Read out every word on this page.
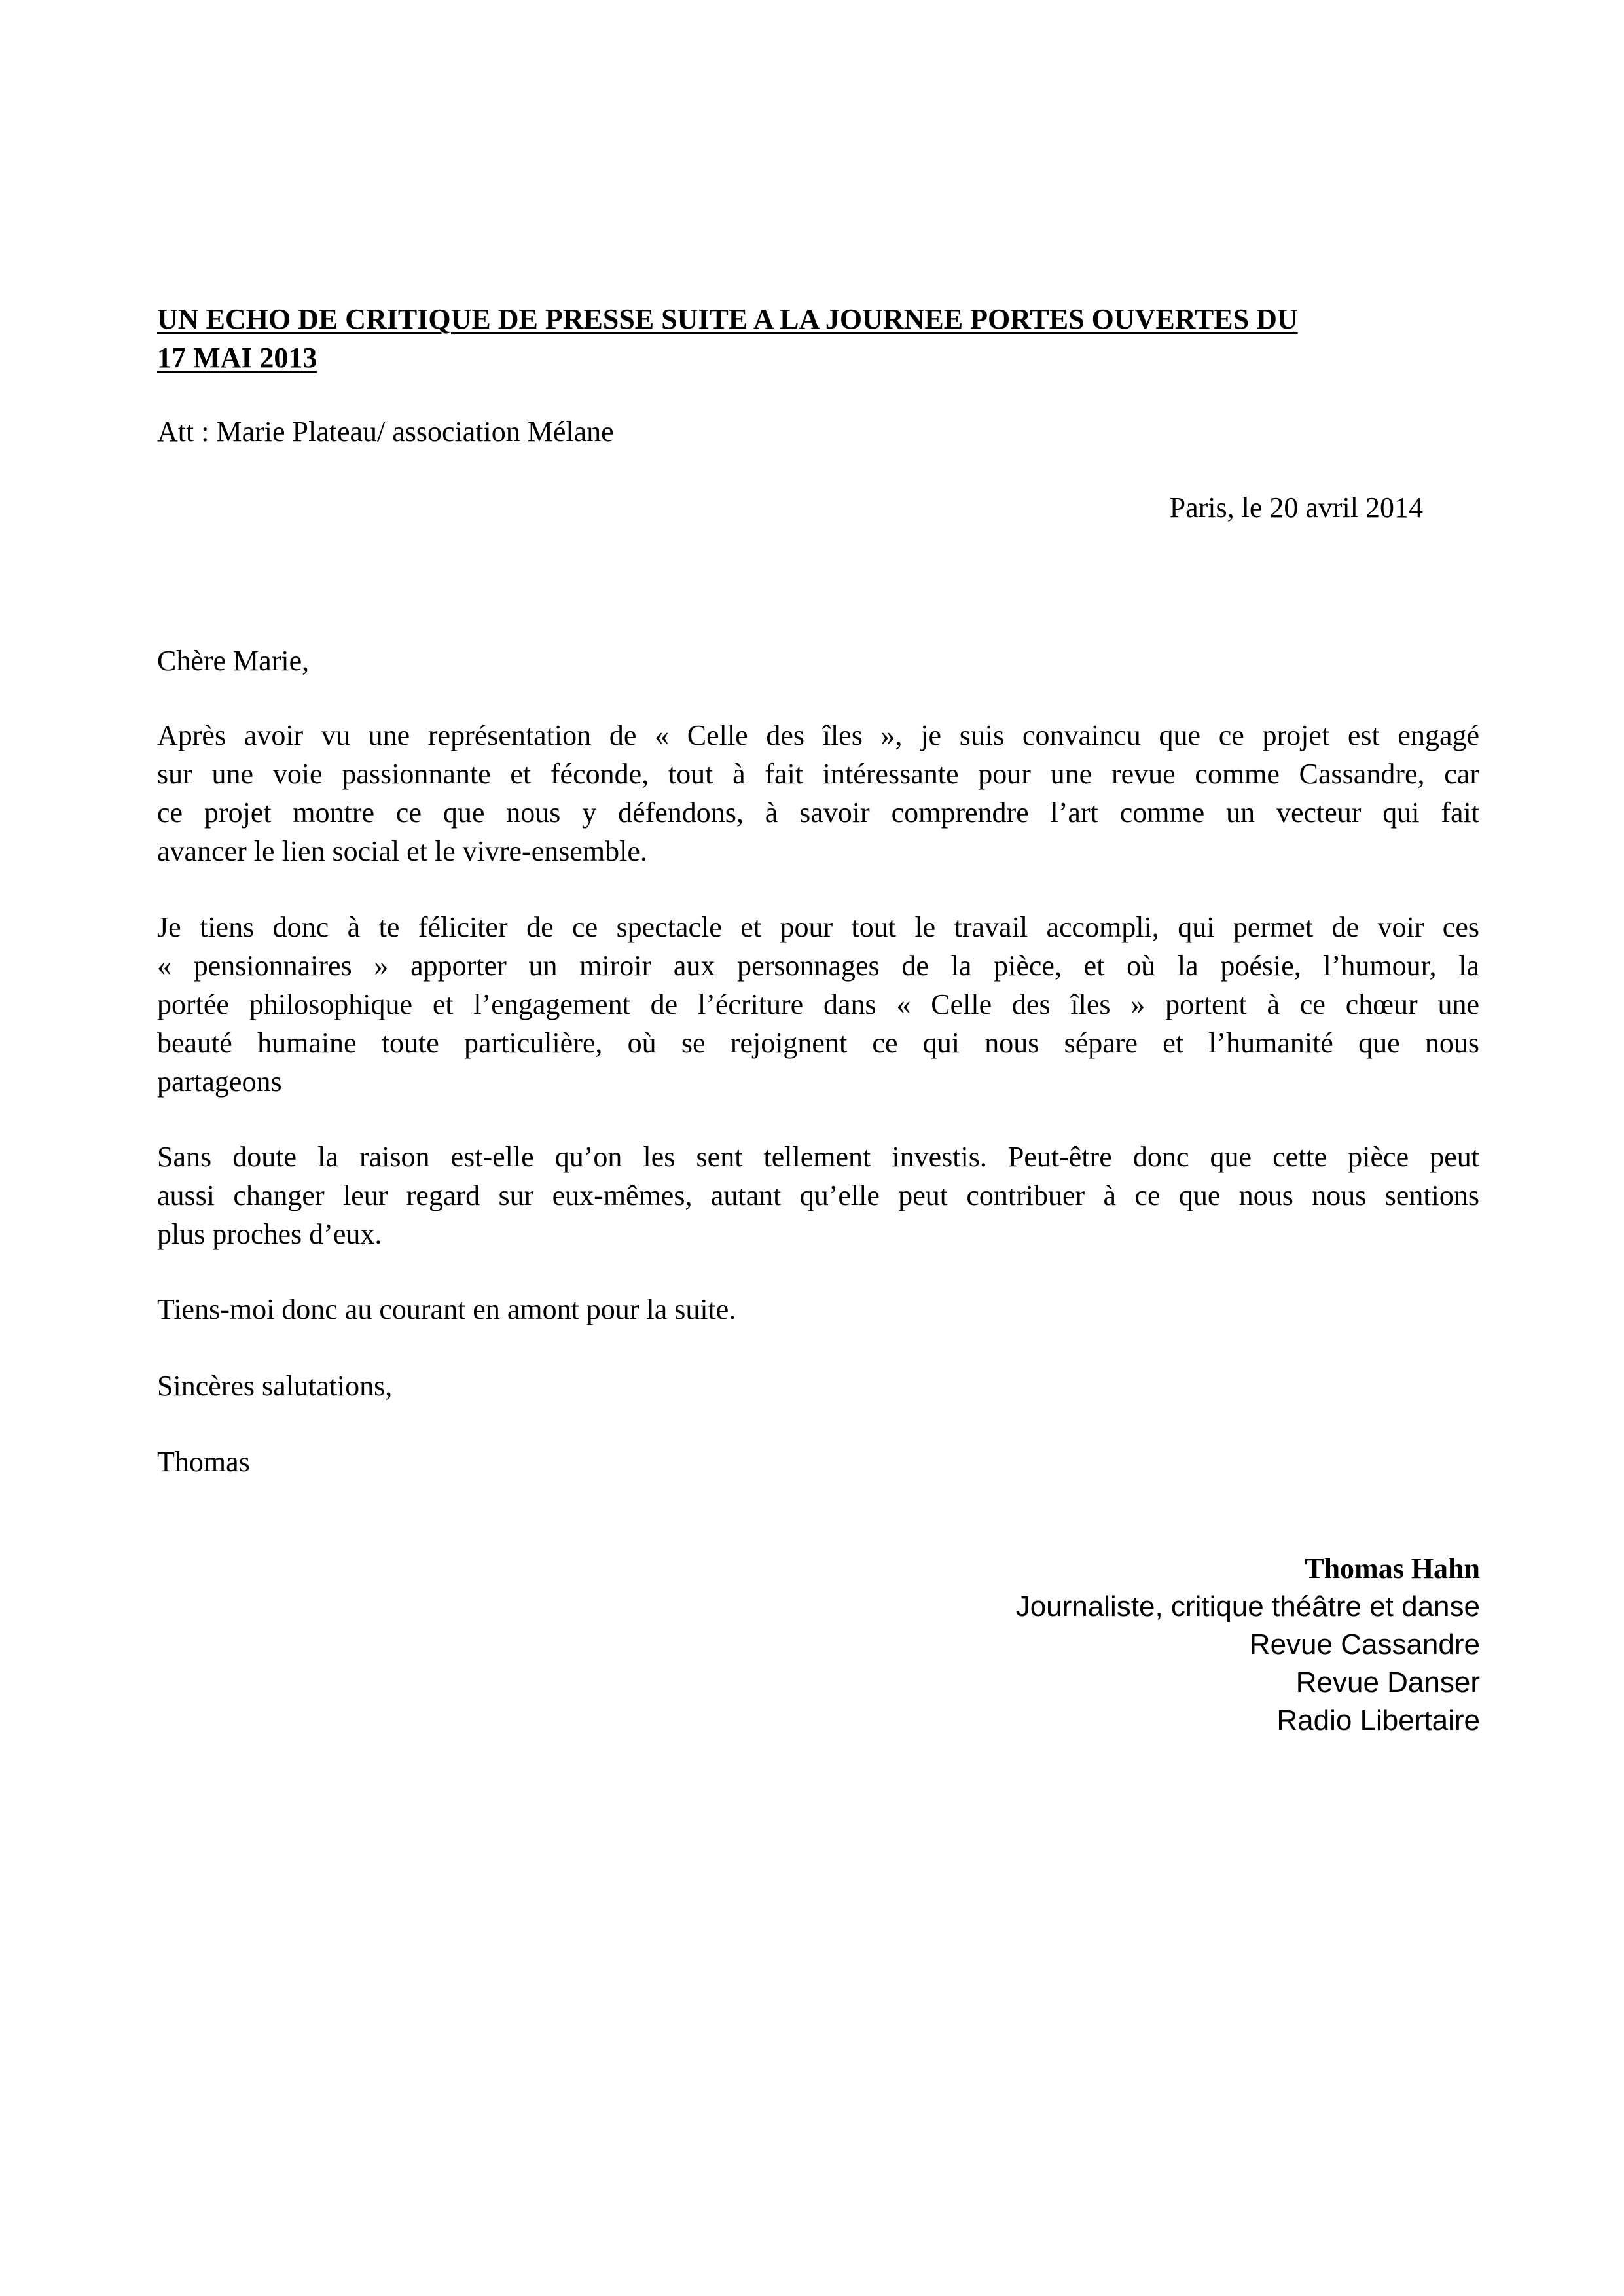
UN ECHO DE CRITIQUE DE PRESSE SUITE A LA JOURNEE PORTES OUVERTES DU
17 MAI 2013
Att : Marie Plateau/ association Mélane
Paris, le 20 avril 2014
Chère Marie,
Après avoir vu une représentation de « Celle des îles », je suis convaincu que ce projet est engagé
sur une voie passionnante et féconde, tout à fait intéressante pour une revue comme Cassandre, car
ce projet montre ce que nous y défendons, à savoir comprendre l’art comme un vecteur qui fait
avancer le lien social et le vivre-ensemble.
Je tiens donc à te féliciter de ce spectacle et pour tout le travail accompli, qui permet de voir ces
« pensionnaires » apporter un miroir aux personnages de la pièce, et où la poésie, l’humour, la
portée philosophique et l’engagement de l’écriture dans « Celle des îles » portent à ce chœur une
beauté humaine toute particulière, où se rejoignent ce qui nous sépare et l’humanité que nous
partageons
Sans doute la raison est-elle qu’on les sent tellement investis. Peut-être donc que cette pièce peut
aussi changer leur regard sur eux-mêmes, autant qu’elle peut contribuer à ce que nous nous sentions
plus proches d’eux.
Tiens-moi donc au courant en amont pour la suite.
Sincères salutations,
Thomas
Thomas Hahn
Journaliste, critique théâtre et danse
Revue Cassandre
Revue Danser
Radio Libertaire
